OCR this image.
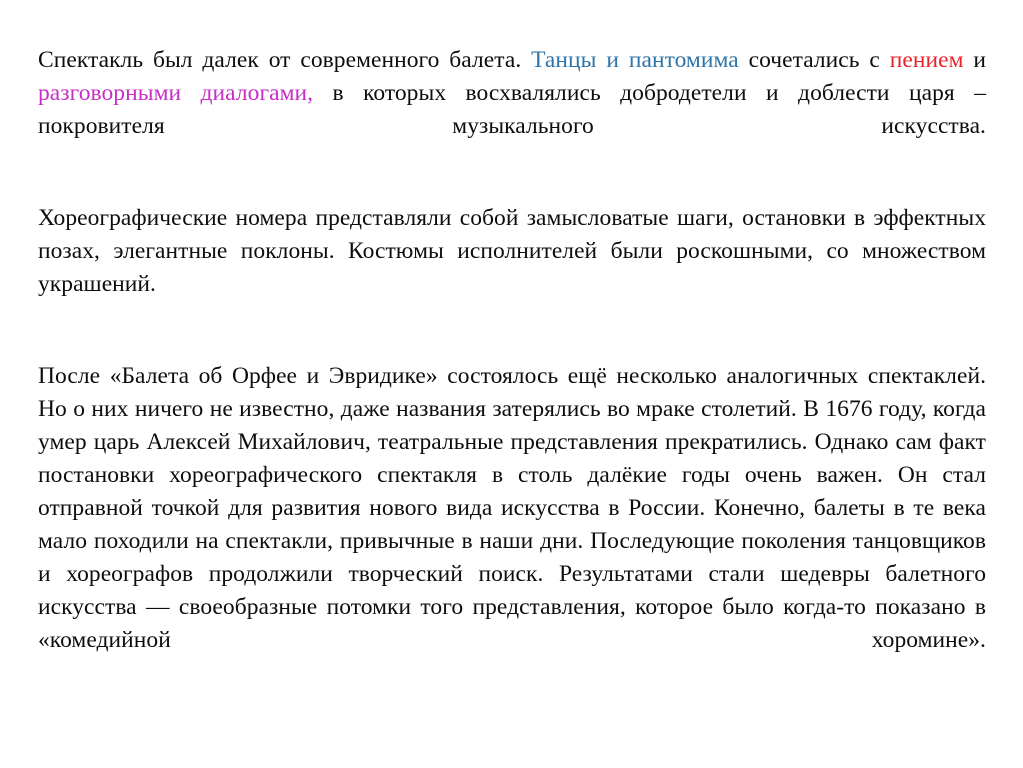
Спектакль был далек от современного балета. Танцы и пантомима сочетались с пением и разговорными диалогами, в которых восхвалялись добродетели и доблести царя – покровителя музыкального искусства.

Хореографические номера представляли собой замысловатые шаги, остановки в эффектных позах, элегантные поклоны. Костюмы исполнителей были роскошными, со множеством украшений.

После «Балета об Орфее и Эвридике» состоялось ещё несколько аналогичных спектаклей. Но о них ничего не известно, даже названия затерялись во мраке столетий. В 1676 году, когда умер царь Алексей Михайлович, театральные представления прекратились. Однако сам факт постановки хореографического спектакля в столь далёкие годы очень важен. Он стал отправной точкой для развития нового вида искусства в России. Конечно, балеты в те века мало походили на спектакли, привычные в наши дни. Последующие поколения танцовщиков и хореографов продолжили творческий поиск. Результатами стали шедевры балетного искусства — своеобразные потомки того представления, которое было когда-то показано в «комедийной хоромине».
